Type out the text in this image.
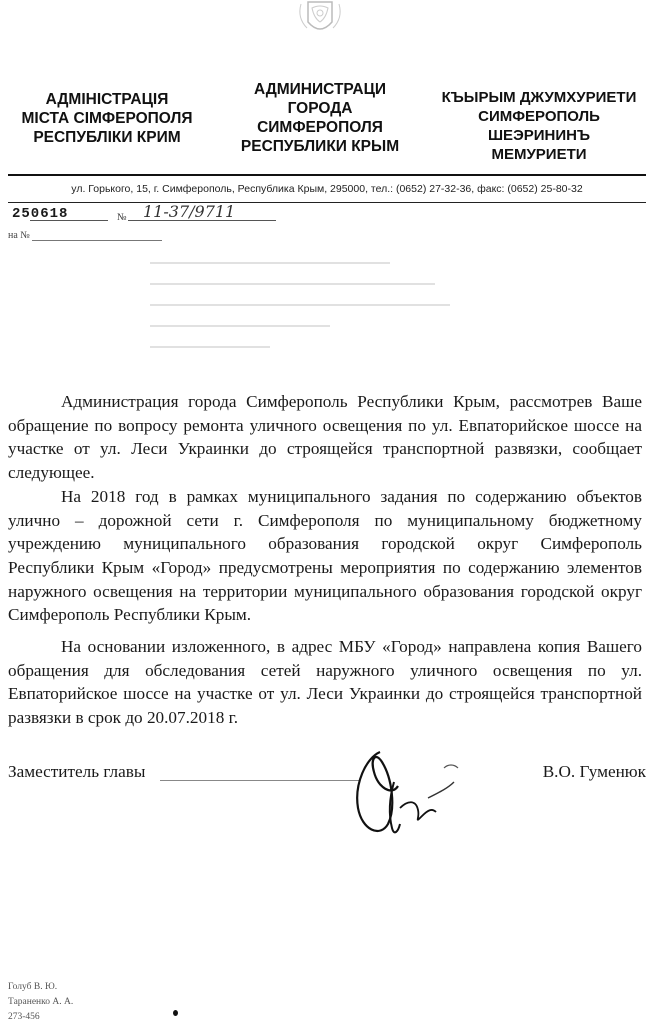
АДМІНІСТРАЦІЯ
МІСТА СІМФЕРОПОЛЯ
РЕСПУБЛІКИ КРИМ
АДМИНИСТРАЦИ
ГОРОДА
СИМФЕРОПОЛЯ
РЕСПУБЛИКИ КРЫМ
КЪЫРЫМ ДЖУМХУРИЕТИ
СИМФЕРОПОЛЬ
ШЕЭРИНИНЪ
МЕМУРИЕТИ
ул. Горького, 15, г. Симферополь, Республика Крым, 295000, тел.: (0652) 27-32-36, факс: (0652) 25-80-32
250618	№ 11-37/9711
на №

Администрация города Симферополь Республики Крым, рассмотрев Ваше обращение по вопросу ремонта уличного освещения по ул. Евпаторийское шоссе на участке от ул. Леси Украинки до строящейся транспортной развязки, сообщает следующее.

На 2018 год в рамках муниципального задания по содержанию объектов улично – дорожной сети г. Симферополя по муниципальному бюджетному учреждению муниципального образования городской округ Симферополь Республики Крым «Город» предусмотрены мероприятия по содержанию элементов наружного освещения на территории муниципального образования городской округ Симферополь Республики Крым.

На основании изложенного, в адрес МБУ «Город» направлена копия Вашего обращения для обследования сетей наружного уличного освещения по ул. Евпаторийское шоссе на участке от ул. Леси Украинки до строящейся транспортной развязки в срок до 20.07.2018 г.

Заместитель главы	В.О. Гуменюк
Голуб В. Ю.
Тараненко А. А.
273-456
